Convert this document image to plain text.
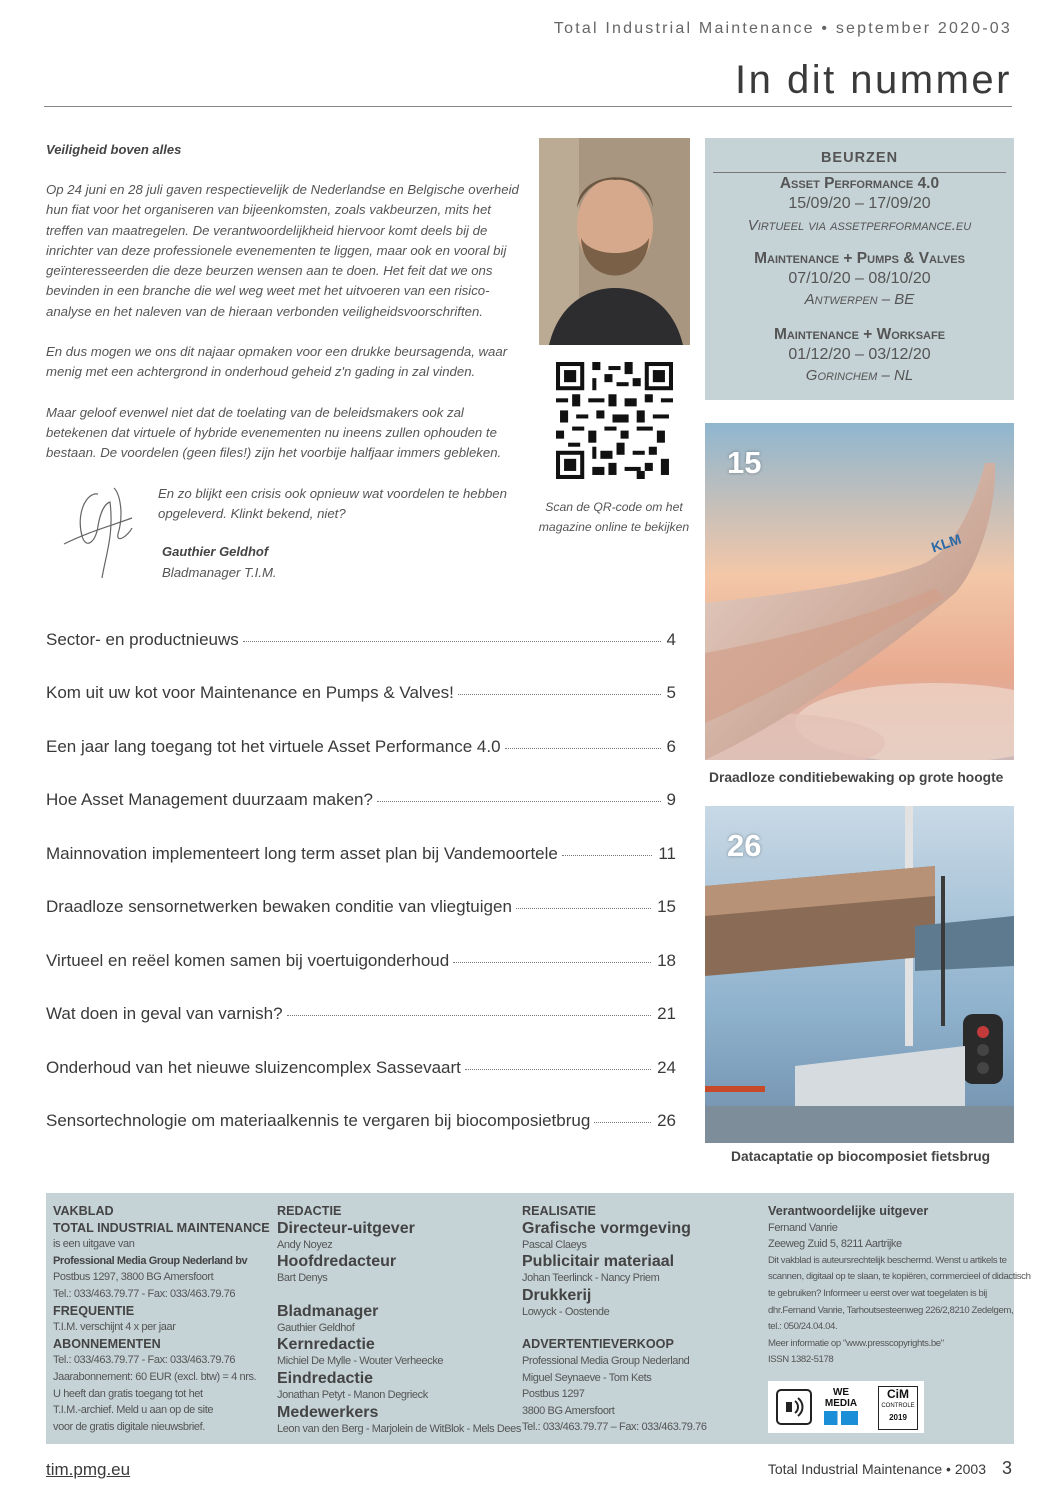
Total Industrial Maintenance • september 2020-03
In dit nummer
Veiligheid boven alles

Op 24 juni en 28 juli gaven respectievelijk de Nederlandse en Belgische overheid hun fiat voor het organiseren van bijeenkomsten, zoals vakbeurzen, mits het treffen van maatregelen. De verantwoordelijkheid hiervoor komt deels bij de inrichter van deze professionele evenementen te liggen, maar ook en vooral bij geïnteresseerden die deze beurzen wensen aan te doen. Het feit dat we ons bevinden in een branche die wel weg weet met het uitvoeren van een risico-analyse en het naleven van de hieraan verbonden veiligheidsvoorschriften.

En dus mogen we ons dit najaar opmaken voor een drukke beursagenda, waar menig met een achtergrond in onderhoud geheid z'n gading in zal vinden.

Maar geloof evenwel niet dat de toelating van de beleidsmakers ook zal betekenen dat virtuele of hybride evenementen nu ineens zullen ophouden te bestaan. De voordelen (geen files!) zijn het voorbije halfjaar immers gebleken.

En zo blijkt een crisis ook opnieuw wat voordelen te hebben opgeleverd. Klinkt bekend, niet?
Gauthier Geldhof
Bladmanager T.I.M.
Scan de QR-code om het magazine online te bekijken
BEURZEN
Asset Performance 4.0
15/09/20 – 17/09/20
Virtueel via assetperformance.eu
Maintenance + Pumps & Valves
07/10/20 – 08/10/20
Antwerpen – BE
Maintenance + Worksafe
01/12/20 – 03/12/20
Gorinchem – NL
15
KLM
Draadloze conditiebewaking op grote hoogte
26
Datacaptatie op biocomposiet fietsbrug
Sector- en productnieuws	4
Kom uit uw kot voor Maintenance en Pumps & Valves!	5
Een jaar lang toegang tot het virtuele Asset Performance 4.0	6
Hoe Asset Management duurzaam maken?	9
Mainnovation implementeert long term asset plan bij Vandemoortele	11
Draadloze sensornetwerken bewaken conditie van vliegtuigen	15
Virtueel en reëel komen samen bij voertuigonderhoud	18
Wat doen in geval van varnish?	21
Onderhoud van het nieuwe sluizencomplex Sassevaart	24
Sensortechnologie om materiaalkennis te vergaren bij biocomposietbrug	26
VAKBLAD
TOTAL INDUSTRIAL MAINTENANCE
is een uitgave van
Professional Media Group Nederland bv
Postbus 1297, 3800 BG Amersfoort
Tel.: 033/463.79.77 - Fax: 033/463.79.76
FREQUENTIE
T.I.M. verschijnt 4 x per jaar
ABONNEMENTEN
Tel.: 033/463.79.77 - Fax: 033/463.79.76
Jaarabonnement: 60 EUR (excl. btw) = 4 nrs.
U heeft dan gratis toegang tot het
T.I.M.-archief. Meld u aan op de site
voor de gratis digitale nieuwsbrief.
REDACTIE
Directeur-uitgever
Andy Noyez
Hoofdredacteur
Bart Denys
Bladmanager
Gauthier Geldhof
Kernredactie
Michiel De Mylle - Wouter Verheecke
Eindredactie
Jonathan Petyt - Manon Degrieck
Medewerkers
Leon van den Berg - Marjolein de WitBlok - Mels Dees
REALISATIE
Grafische vormgeving
Pascal Claeys
Publicitair materiaal
Johan Teerlinck - Nancy Priem
Drukkerij
Lowyck - Oostende
ADVERTENTIEVERKOOP
Professional Media Group Nederland
Miguel Seynaeve - Tom Kets
Postbus 1297
3800 BG Amersfoort
Tel.: 033/463.79.77 – Fax: 033/463.79.76
Verantwoordelijke uitgever
Fernand Vanrie
Zeeweg Zuid 5, 8211 Aartrijke
Dit vakblad is auteursrechtelijk beschermd. Wenst u artikels te
scannen, digitaal op te slaan, te kopiëren, commercieel of didactisch
te gebruiken? Informeer u eerst over wat toegelaten is bij
dhr.Fernand Vanrie, Tarhoutsesteenweg 226/2,8210 Zedelgem,
tel.: 050/24.04.04.
Meer informatie op "www.presscopyrights.be"
ISSN 1382-5178
WE
MEDIA
CiM
CONTROLE
2019
tim.pmg.eu	Total Industrial Maintenance • 2003 3
